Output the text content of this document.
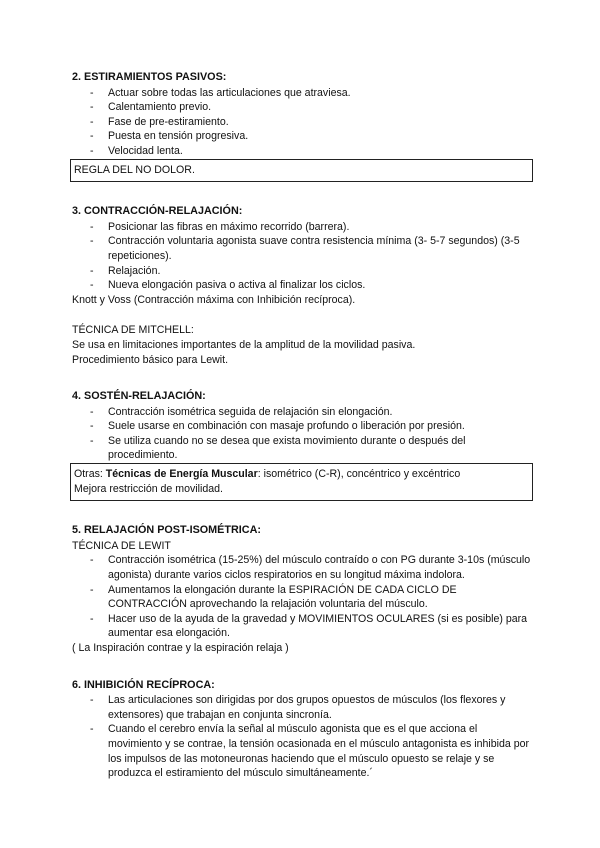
2. ESTIRAMIENTOS PASIVOS:
- Actuar sobre todas las articulaciones que atraviesa.
- Calentamiento previo.
- Fase de pre-estiramiento.
- Puesta en tensión progresiva.
- Velocidad lenta.

REGLA DEL NO DOLOR.

3. CONTRACCIÓN-RELAJACIÓN:
- Posicionar las fibras en máximo recorrido (barrera).
- Contracción voluntaria agonista suave contra resistencia mínima (3- 5-7 segundos) (3-5 repeticiones).
- Relajación.
- Nueva elongación pasiva o activa al finalizar los ciclos.

Knott y Voss (Contracción máxima con Inhibición recíproca).

TÉCNICA DE MITCHELL:

Se usa en limitaciones importantes de la amplitud de la movilidad pasiva.

Procedimiento básico para Lewit.

4. SOSTÉN-RELAJACIÓN:
- Contracción isométrica seguida de relajación sin elongación.
- Suele usarse en combinación con masaje profundo o liberación por presión.
- Se utiliza cuando no se desea que exista movimiento durante o después del procedimiento.

Otras: Técnicas de Energía Muscular: isométrico (C-R), concéntrico y excéntrico

Mejora restricción de movilidad.

5. RELAJACIÓN POST-ISOMÉTRICA:

TÉCNICA DE LEWIT

- Contracción isométrica (15-25%) del músculo contraído o con PG durante 3-10s (músculo agonista) durante varios ciclos respiratorios en su longitud máxima indolora.
- Aumentamos la elongación durante la ESPIRACIÓN DE CADA CICLO DE CONTRACCIÓN aprovechando la relajación voluntaria del músculo.
- Hacer uso de la ayuda de la gravedad y MOVIMIENTOS OCULARES (si es posible) para aumentar esa elongación.

( La Inspiración contrae y la espiración relaja )

6. INHIBICIÓN RECÍPROCA:
- Las articulaciones son dirigidas por dos grupos opuestos de músculos (los flexores y extensores) que trabajan en conjunta sincronía.
- Cuando el cerebro envía la señal al músculo agonista que es el que acciona el movimiento y se contrae, la tensión ocasionada en el músculo antagonista es inhibida por los impulsos de las motoneuronas haciendo que el músculo opuesto se relaje y se produzca el estiramiento del músculo simultáneamente.´
